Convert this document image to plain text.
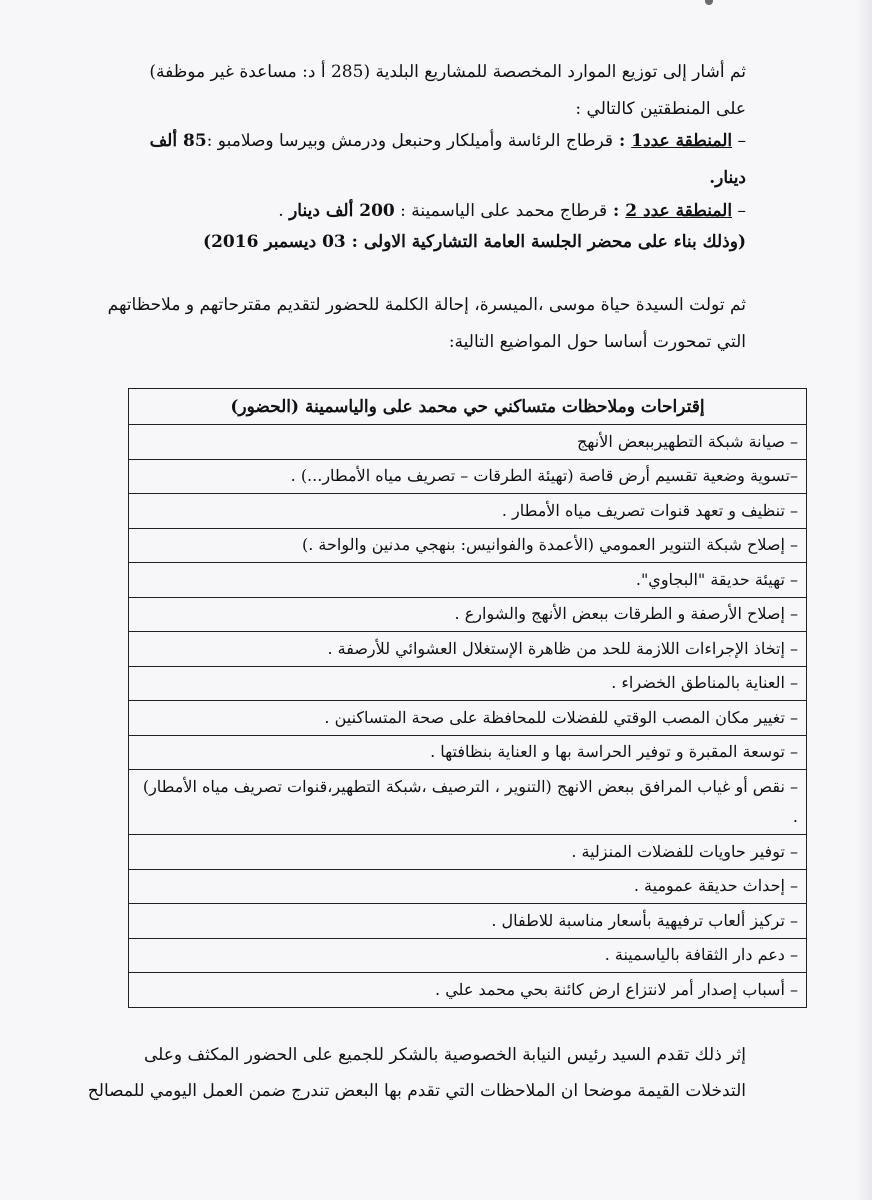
ثم أشار إلى توزيع الموارد المخصصة للمشاريع البلدية (285 أ د: مساعدة غير موظفة)
على المنطقتين كالتالي :
– المنطقة عدد1 : قرطاج الرئاسة وأميلكار وحنبعل ودرمش وبيرسا وصلامبو :85 ألف
دينار.
– المنطقة عدد 2 : قرطاج محمد على الياسمينة : 200 ألف دينار .
(وذلك بناء على محضر الجلسة العامة التشاركية الاولى : 03 ديسمبر 2016)
ثم تولت السيدة حياة موسى ،الميسرة، إحالة الكلمة للحضور لتقديم مقترحاتهم و ملاحظاتهم
التي تمحورت أساسا حول المواضيع التالية:
إقتراحات وملاحظات متساكني حي محمد على والياسمينة (الحضور)
– صيانة شبكة التطهيرببعض الأنهج
–تسوية وضعية تقسيم أرض قاصة (تهيئة الطرقات – تصريف مياه الأمطار...) .
– تنظيف و تعهد قنوات تصريف مياه الأمطار .
– إصلاح شبكة التنوير العمومي (الأعمدة والفوانيس: بنهجي مدنين والواحة .)
– تهيئة حديقة "البجاوي".
– إصلاح الأرصفة و الطرقات ببعض الأنهج والشوارع .
– إتخاذ الإجراءات اللازمة للحد من ظاهرة الإستغلال العشوائي للأرصفة .
– العناية بالمناطق الخضراء .
– تغيير مكان المصب الوقتي للفضلات للمحافظة على صحة المتساكنين .
– توسعة المقبرة و توفير الحراسة بها و العناية بنظافتها .
– نقص أو غياب المرافق ببعض الانهج (التنوير ، الترصيف ،شبكة التطهير،قنوات تصريف مياه الأمطار) .
– توفير حاويات للفضلات المنزلية .
– إحداث حديقة عمومية .
– تركيز ألعاب ترفيهية بأسعار مناسبة للاطفال .
– دعم دار الثقافة بالياسمينة .
– أسباب إصدار أمر لانتزاع ارض كائنة بحي محمد علي .
إثر ذلك تقدم السيد رئيس النيابة الخصوصية بالشكر للجميع على الحضور المكثف وعلى
التدخلات القيمة موضحا ان الملاحظات التي تقدم بها البعض تندرج ضمن العمل اليومي للمصالح
